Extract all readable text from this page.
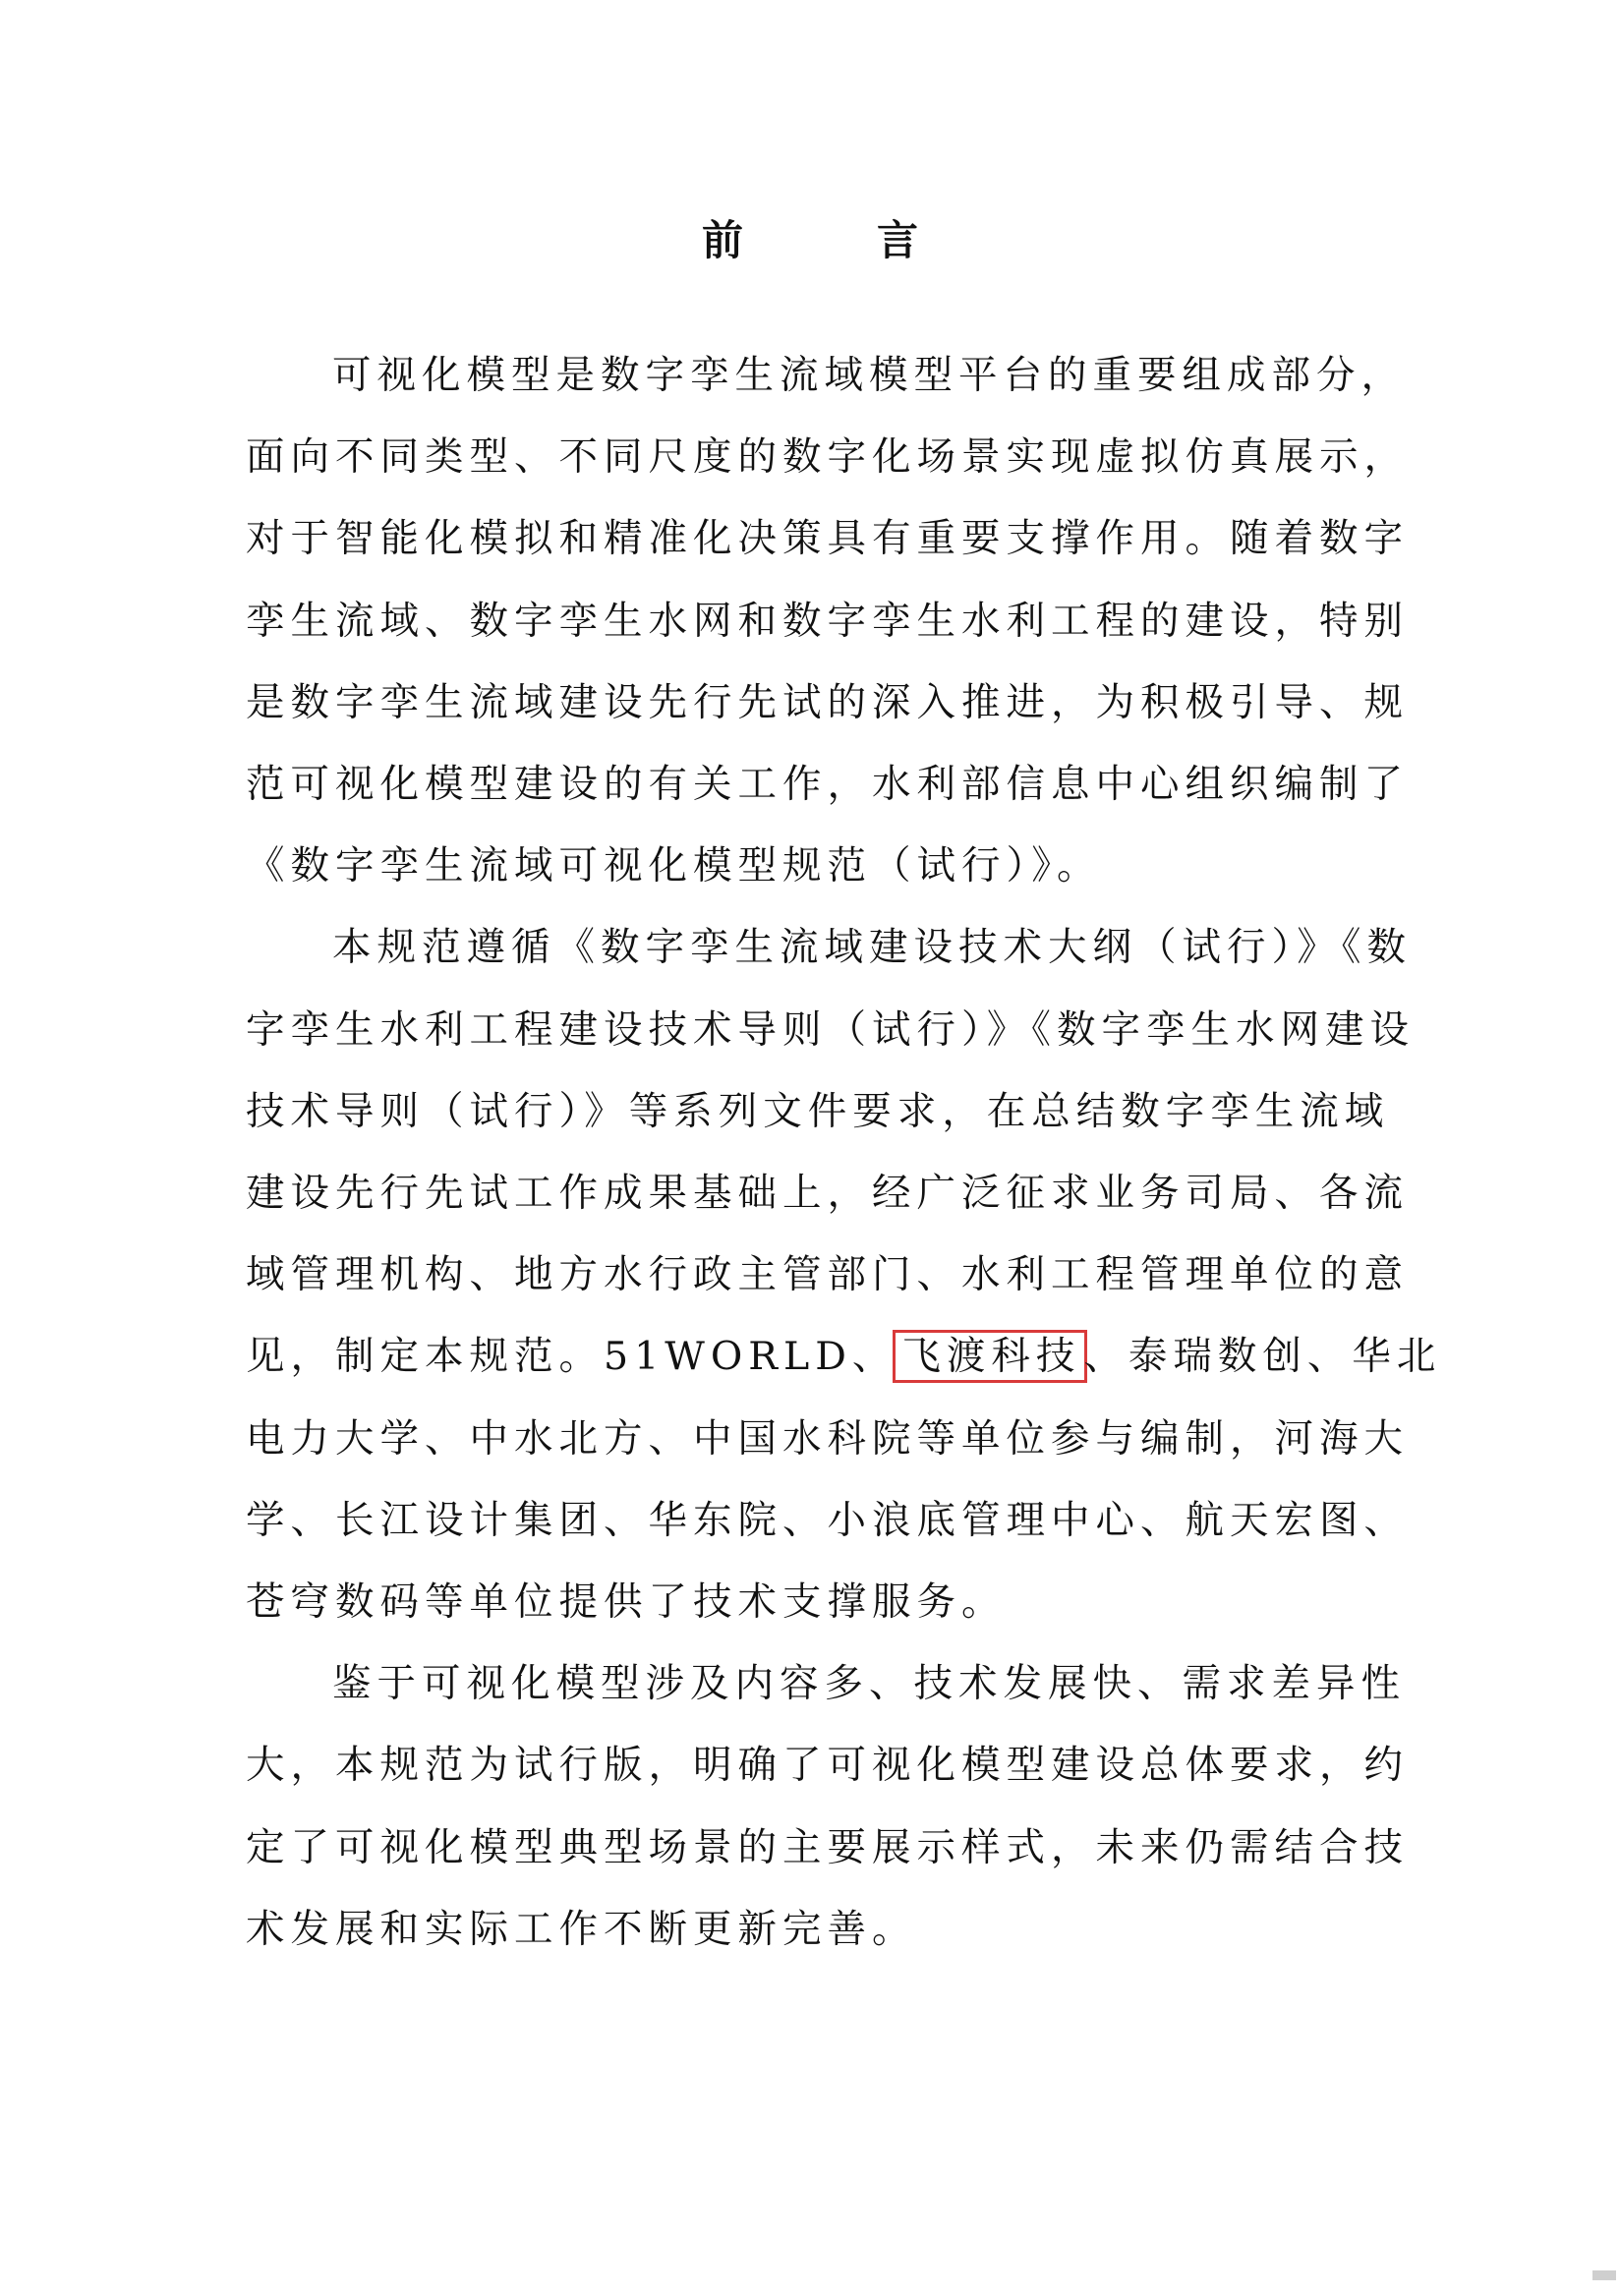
前	言
可视化模型是数字孪生流域模型平台的重要组成部分，
面向不同类型、不同尺度的数字化场景实现虚拟仿真展示，
对于智能化模拟和精准化决策具有重要支撑作用。随着数字
孪生流域、数字孪生水网和数字孪生水利工程的建设，特别
是数字孪生流域建设先行先试的深入推进，为积极引导、规
范可视化模型建设的有关工作，水利部信息中心组织编制了
《数字孪生流域可视化模型规范（试行）》。
本规范遵循《数字孪生流域建设技术大纲（试行）》《数
字孪生水利工程建设技术导则（试行）》《数字孪生水网建设
技术导则（试行）》等系列文件要求，在总结数字孪生流域
建设先行先试工作成果基础上，经广泛征求业务司局、各流
域管理机构、地方水行政主管部门、水利工程管理单位的意
见，制定本规范。51WORLD、 飞渡科技、泰瑞数创、华北
电力大学、中水北方、中国水科院等单位参与编制，河海大
学、长江设计集团、华东院、小浪底管理中心、航天宏图、
苍穹数码等单位提供了技术支撑服务。
鉴于可视化模型涉及内容多、技术发展快、需求差异性
大，本规范为试行版，明确了可视化模型建设总体要求，约
定了可视化模型典型场景的主要展示样式，未来仍需结合技
术发展和实际工作不断更新完善。
